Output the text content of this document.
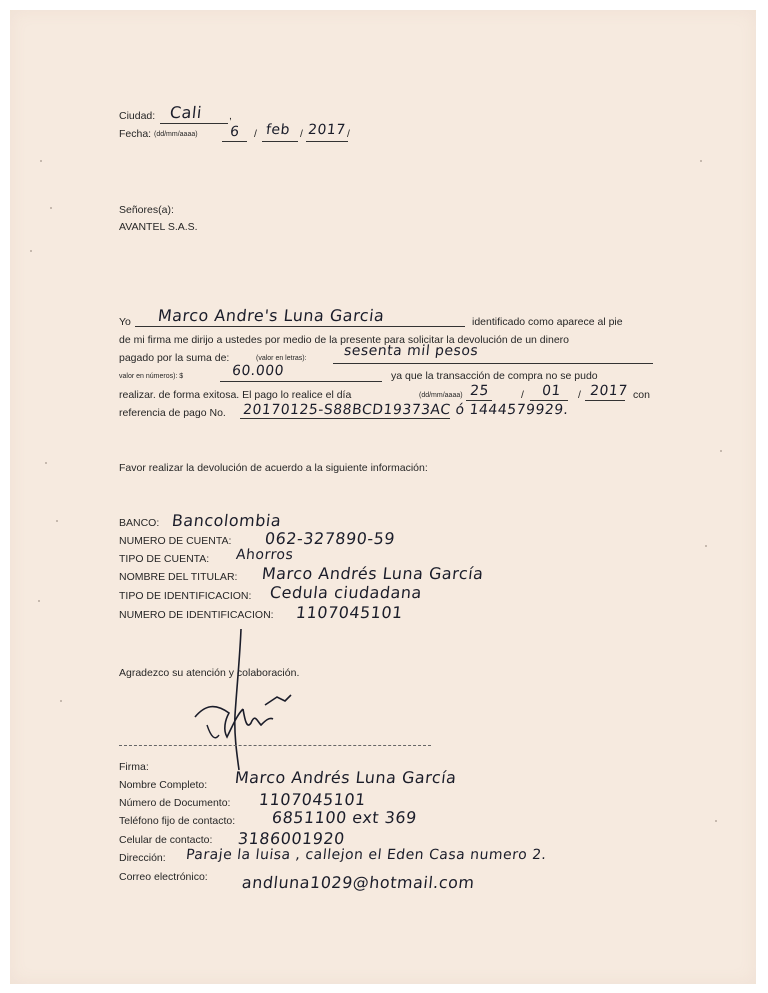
Ciudad: Cali ,
Fecha: (dd/mm/aaaa) 6 / feb / 2017 /
Señores(a):
AVANTEL S.A.S.
Yo Marco Andre's Luna Garcia	identificado como aparece al pie
de mi firma me dirijo a ustedes por medio de la presente para solicitar la devolución de un dinero
pagado por la suma de:	(valor en letras):	sesenta mil pesos
valor en números): $	60.000	ya que la transacción de compra no se pudo
realizar. de forma exitosa. El pago lo realice el día	(dd/mm/aaaa) 25	/ 01 / 2017 con
referencia de pago No. 20170125-S88BCD19373AC ó 1444579929.
Favor realizar la devolución de acuerdo a la siguiente información:
BANCO: Bancolombia
NUMERO DE CUENTA: 062-327890-59
TIPO DE CUENTA: Ahorros
NOMBRE DEL TITULAR: Marco Andrés Luna García
TIPO DE IDENTIFICACION: Cedula ciudadana
NUMERO DE IDENTIFICACION: 1107045101
Agradezco su atención y colaboración.
Firma:
Nombre Completo: Marco Andrés Luna García
Número de Documento: 1107045101
Teléfono fijo de contacto: 6851100 ext 369
Celular de contacto: 3186001920
Dirección: Paraje la luisa , callejon el Eden Casa numero 2.
Correo electrónico: andluna1029@hotmail.com
